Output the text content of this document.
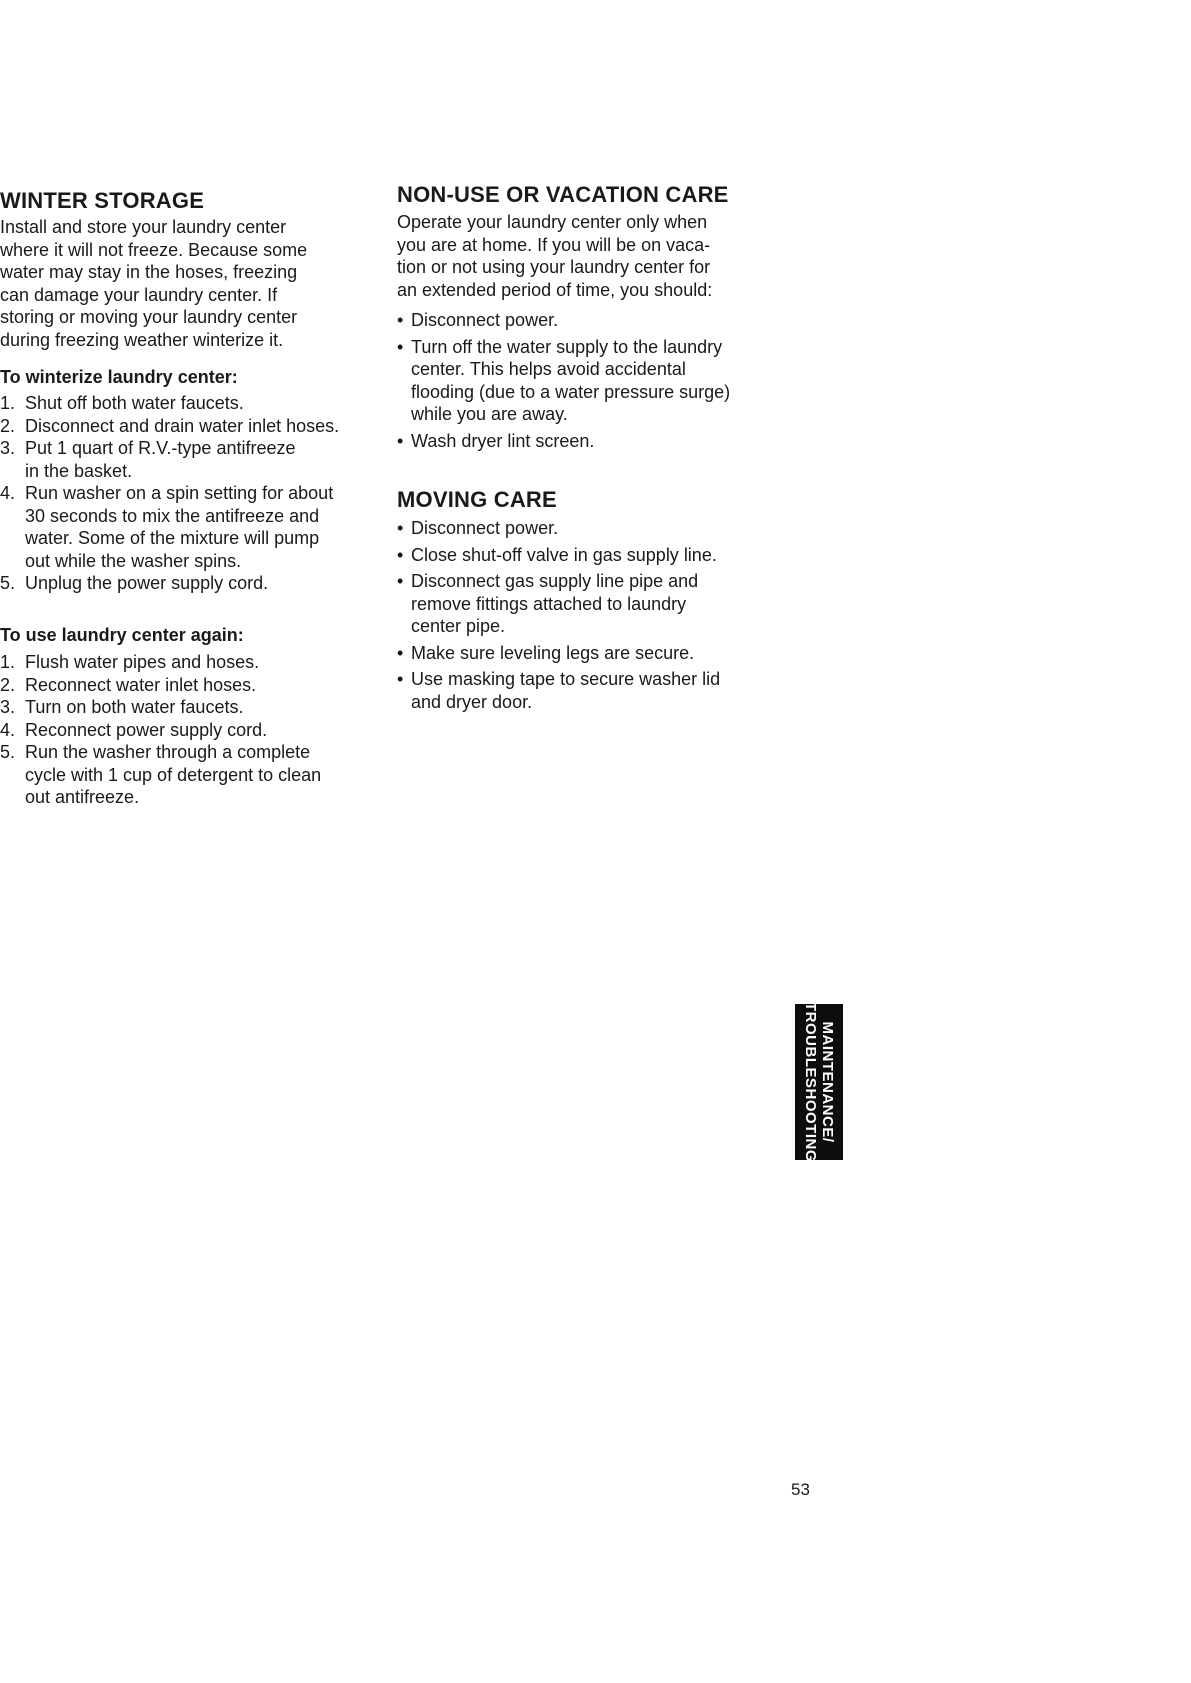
WINTER STORAGE
Install and store your laundry center
where it will not freeze. Because some
water may stay in the hoses, freezing
can damage your laundry center. If
storing or moving your laundry center
during freezing weather winterize it.
To winterize laundry center:
1. Shut off both water faucets.
2. Disconnect and drain water inlet hoses.
3. Put 1 quart of R.V.-type antifreeze
in the basket.
4. Run washer on a spin setting for about
30 seconds to mix the antifreeze and
water. Some of the mixture will pump
out while the washer spins.
5. Unplug the power supply cord.
To use laundry center again:
1. Flush water pipes and hoses.
2. Reconnect water inlet hoses.
3. Turn on both water faucets.
4. Reconnect power supply cord.
5. Run the washer through a complete
cycle with 1 cup of detergent to clean
out antifreeze.
NON-USE OR VACATION CARE
Operate your laundry center only when
you are at home. If you will be on vaca-
tion or not using your laundry center for
an extended period of time, you should:
• Disconnect power.
• Turn off the water supply to the laundry
center. This helps avoid accidental
flooding (due to a water pressure surge)
while you are away.
• Wash dryer lint screen.
MOVING CARE
• Disconnect power.
• Close shut-off valve in gas supply line.
• Disconnect gas supply line pipe and
remove fittings attached to laundry
center pipe.
• Make sure leveling legs are secure.
• Use masking tape to secure washer lid
and dryer door.
MAINTENANCE/
TROUBLESHOOTING

53
